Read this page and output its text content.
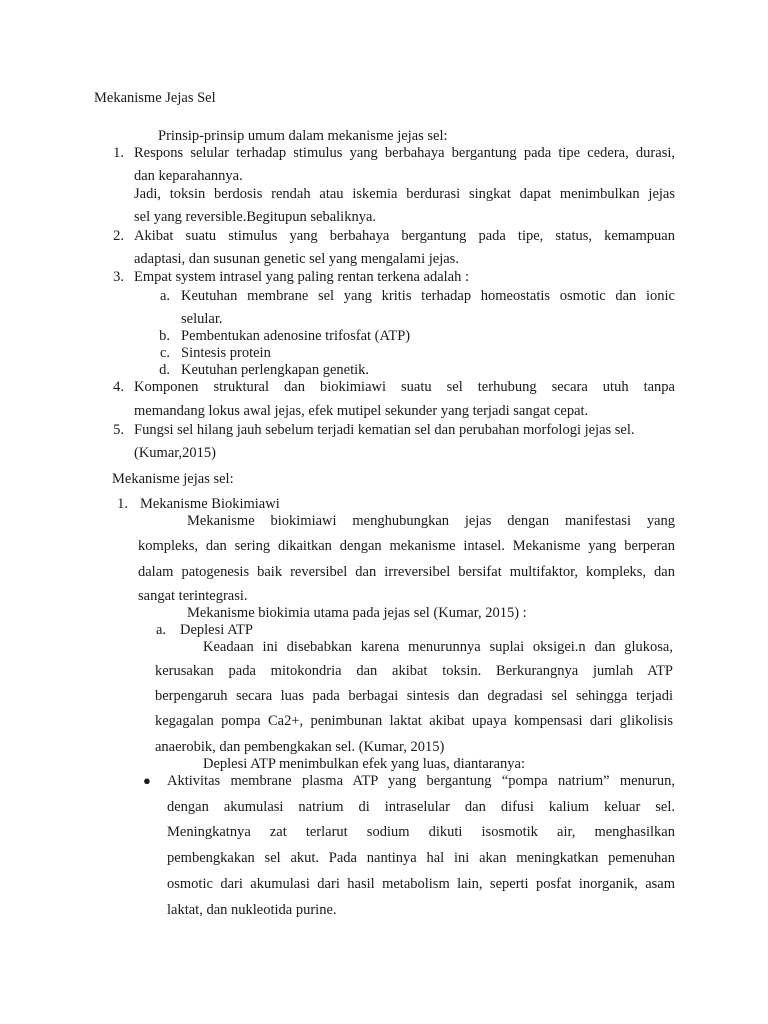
Mekanisme Jejas Sel
Prinsip-prinsip umum dalam mekanisme jejas sel:
1. Respons selular terhadap stimulus yang berbahaya bergantung pada tipe cedera, durasi,
dan keparahannya.
Jadi, toksin berdosis rendah atau iskemia berdurasi singkat dapat menimbulkan jejas
sel yang reversible.Begitupun sebaliknya.
2. Akibat suatu stimulus yang berbahaya bergantung pada tipe, status, kemampuan
adaptasi, dan susunan genetic sel yang mengalami jejas.
3. Empat system intrasel yang paling rentan terkena adalah :
a. Keutuhan membrane sel yang kritis terhadap homeostatis osmotic dan ionic
selular.
b. Pembentukan adenosine trifosfat (ATP)
c. Sintesis protein
d. Keutuhan perlengkapan genetik.
4. Komponen struktural dan biokimiawi suatu sel terhubung secara utuh tanpa
memandang lokus awal jejas, efek mutipel sekunder yang terjadi sangat cepat.
5. Fungsi sel hilang jauh sebelum terjadi kematian sel dan perubahan morfologi jejas sel.
(Kumar,2015)
Mekanisme jejas sel:
1. Mekanisme Biokimiawi
Mekanisme biokimiawi menghubungkan jejas dengan manifestasi yang
kompleks, dan sering dikaitkan dengan mekanisme intasel. Mekanisme yang berperan
dalam patogenesis baik reversibel dan irreversibel bersifat multifaktor, kompleks, dan
sangat terintegrasi.
Mekanisme biokimia utama pada jejas sel (Kumar, 2015) :
a. Deplesi ATP
Keadaan ini disebabkan karena menurunnya suplai oksigei.n dan glukosa,
kerusakan pada mitokondria dan akibat toksin. Berkurangnya jumlah ATP
berpengaruh secara luas pada berbagai sintesis dan degradasi sel sehingga terjadi
kegagalan pompa Ca2+, penimbunan laktat akibat upaya kompensasi dari glikolisis
anaerobik, dan pembengkakan sel. (Kumar, 2015)
Deplesi ATP menimbulkan efek yang luas, diantaranya:
● Aktivitas membrane plasma ATP yang bergantung “pompa natrium” menurun,
dengan akumulasi natrium di intraselular dan difusi kalium keluar sel.
Meningkatnya zat terlarut sodium dikuti isosmotik air, menghasilkan
pembengkakan sel akut. Pada nantinya hal ini akan meningkatkan pemenuhan
osmotic dari akumulasi dari hasil metabolism lain, seperti posfat inorganik, asam
laktat, dan nukleotida purine.
